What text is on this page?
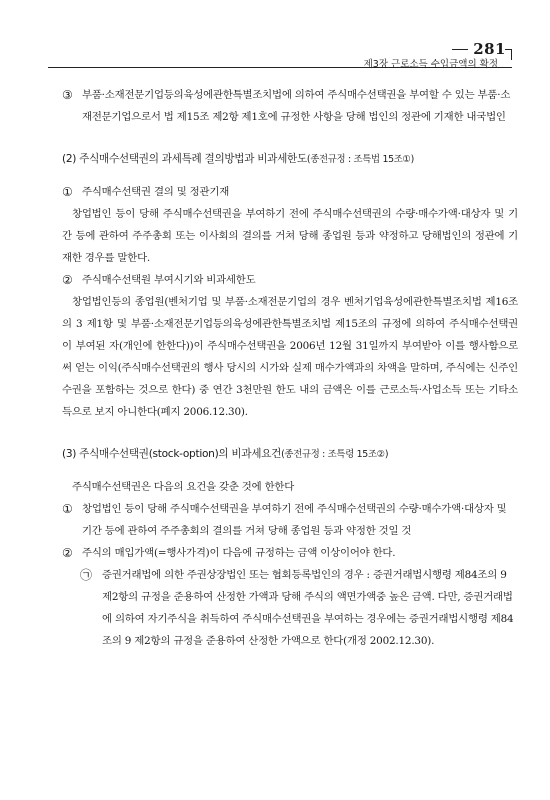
281
제3장 근로소득 수입금액의 확정

③ 부품·소재전문기업등의육성에관한특별조치법에 의하여 주식매수선택권을 부여할 수 있는 부품·소재전문기업으로서 법 제15조 제2항 제1호에 규정한 사항을 당해 법인의 정관에 기재한 내국법인

(2) 주식매수선택권의 과세특례 결의방법과 비과세한도(종전규정 : 조특법 15조①)

① 주식매수선택권 결의 및 정관기재

창업법인 등이 당해 주식매수선택권을 부여하기 전에 주식매수선택권의 수량·매수가액·대상자 및 기간 등에 관하여 주주총회 또는 이사회의 결의를 거쳐 당해 종업원 등과 약정하고 당해법인의 정관에 기재한 경우를 말한다.

② 주식매수선택원 부여시기와 비과세한도

창업법인등의 종업원(벤처기업 및 부품·소재전문기업의 경우 벤처기업육성에관한특별조치법 제16조의 3 제1항 및 부품·소재전문기업등의육성에관한특별조치법 제15조의 규정에 의하여 주식매수선택권이 부여된 자(개인에 한한다))이 주식매수선택권을 2006년 12월 31일까지 부여받아 이를 행사함으로써 얻는 이익(주식매수선택권의 행사 당시의 시가와 실제 매수가액과의 차액을 말하며, 주식에는 신주인수권을 포함하는 것으로 한다) 중 연간 3천만원 한도 내의 금액은 이를 근로소득·사업소득 또는 기타소득으로 보지 아니한다(폐지 2006.12.30).

(3) 주식매수선택권(stock-option)의 비과세요건(종전규정 : 조특령 15조②)

주식매수선택권은 다음의 요건을 갖춘 것에 한한다

① 창업법인 등이 당해 주식매수선택권을 부여하기 전에 주식매수선택권의 수량·매수가액·대상자 및 기간 등에 관하여 주주총회의 결의를 거쳐 당해 종업원 등과 약정한 것일 것

② 주식의 매입가액(=행사가격)이 다음에 규정하는 금액 이상이어야 한다.

㉠ 증권거래법에 의한 주권상장법인 또는 협회등록법인의 경우 : 증권거래법시행령 제84조의 9 제2항의 규정을 준용하여 산정한 가액과 당해 주식의 액면가액중 높은 금액. 다만, 증권거래법에 의하여 자기주식을 취득하여 주식매수선택권을 부여하는 경우에는 증권거래법시행령 제84조의 9 제2항의 규정을 준용하여 산정한 가액으로 한다(개정 2002.12.30).
